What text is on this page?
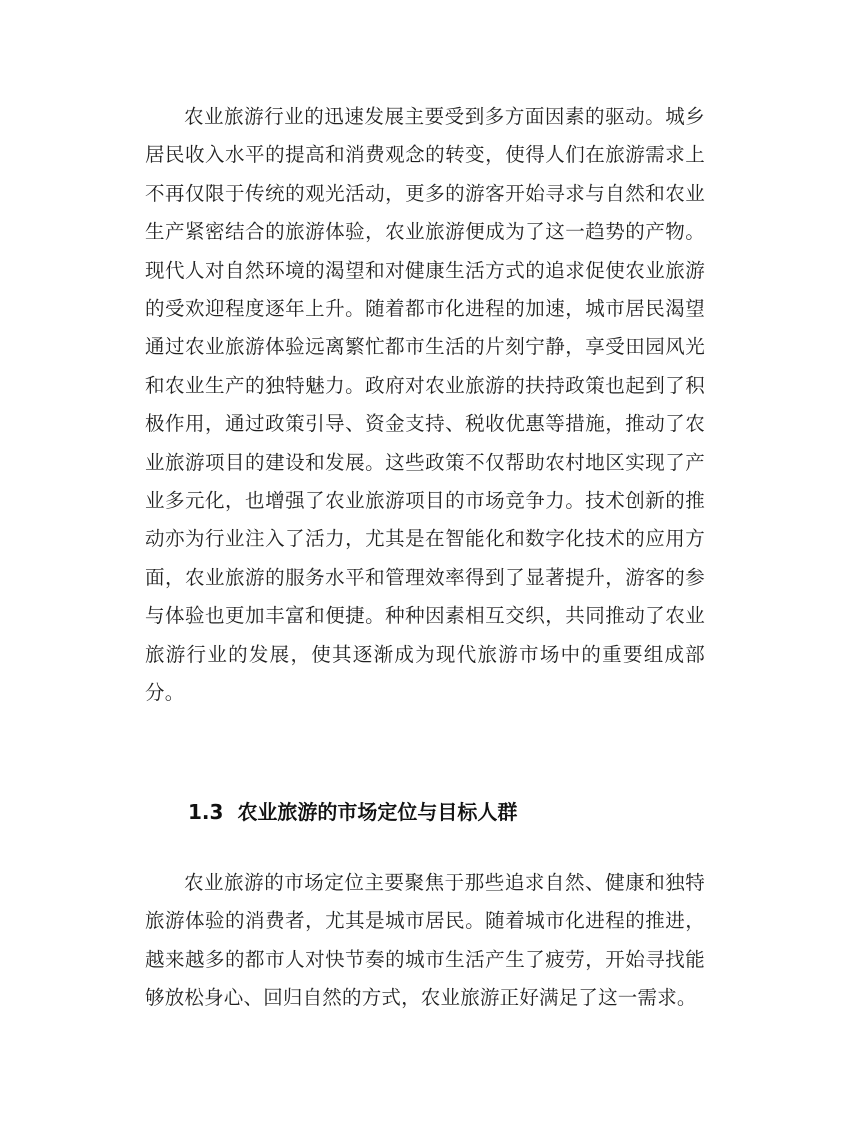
农业旅游行业的迅速发展主要受到多方面因素的驱动。城乡居民收入水平的提高和消费观念的转变，使得人们在旅游需求上不再仅限于传统的观光活动，更多的游客开始寻求与自然和农业生产紧密结合的旅游体验，农业旅游便成为了这一趋势的产物。现代人对自然环境的渴望和对健康生活方式的追求促使农业旅游的受欢迎程度逐年上升。随着都市化进程的加速，城市居民渴望通过农业旅游体验远离繁忙都市生活的片刻宁静，享受田园风光和农业生产的独特魅力。政府对农业旅游的扶持政策也起到了积极作用，通过政策引导、资金支持、税收优惠等措施，推动了农业旅游项目的建设和发展。这些政策不仅帮助农村地区实现了产业多元化，也增强了农业旅游项目的市场竞争力。技术创新的推动亦为行业注入了活力，尤其是在智能化和数字化技术的应用方面，农业旅游的服务水平和管理效率得到了显著提升，游客的参与体验也更加丰富和便捷。种种因素相互交织，共同推动了农业旅游行业的发展，使其逐渐成为现代旅游市场中的重要组成部分。

1.3 农业旅游的市场定位与目标人群

农业旅游的市场定位主要聚焦于那些追求自然、健康和独特旅游体验的消费者，尤其是城市居民。随着城市化进程的推进，越来越多的都市人对快节奏的城市生活产生了疲劳，开始寻找能够放松身心、回归自然的方式，农业旅游正好满足了这一需求。
